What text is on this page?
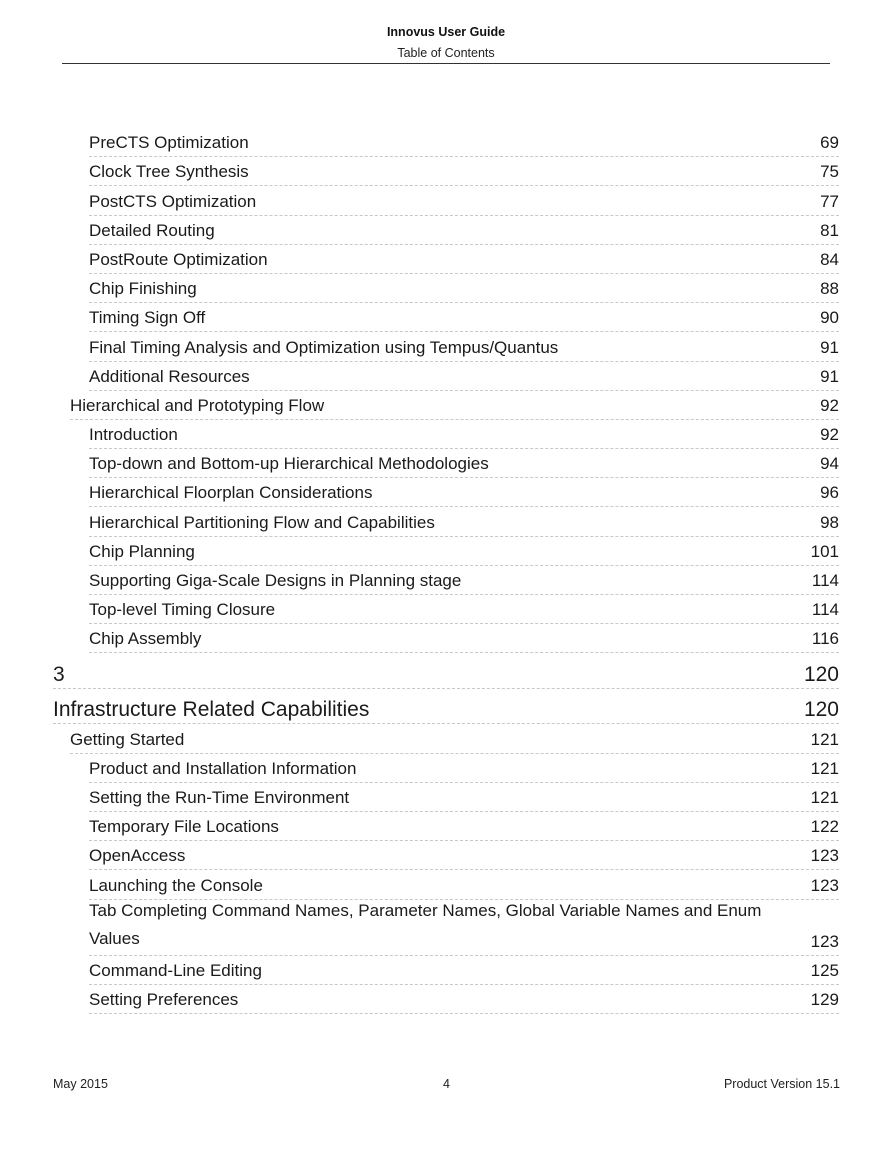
Innovus User Guide
Table of Contents
PreCTS Optimization	69
Clock Tree Synthesis	75
PostCTS Optimization	77
Detailed Routing	81
PostRoute Optimization	84
Chip Finishing	88
Timing Sign Off	90
Final Timing Analysis and Optimization using Tempus/Quantus	91
Additional Resources	91
Hierarchical and Prototyping Flow	92
Introduction	92
Top-down and Bottom-up Hierarchical Methodologies	94
Hierarchical Floorplan Considerations	96
Hierarchical Partitioning Flow and Capabilities	98
Chip Planning	101
Supporting Giga-Scale Designs in Planning stage	114
Top-level Timing Closure	114
Chip Assembly	116
3	120
Infrastructure Related Capabilities	120
Getting Started	121
Product and Installation Information	121
Setting the Run-Time Environment	121
Temporary File Locations	122
OpenAccess	123
Launching the Console	123
Tab Completing Command Names, Parameter Names, Global Variable Names and Enum Values	123
Command-Line Editing	125
Setting Preferences	129
May 2015	4	Product Version 15.1
